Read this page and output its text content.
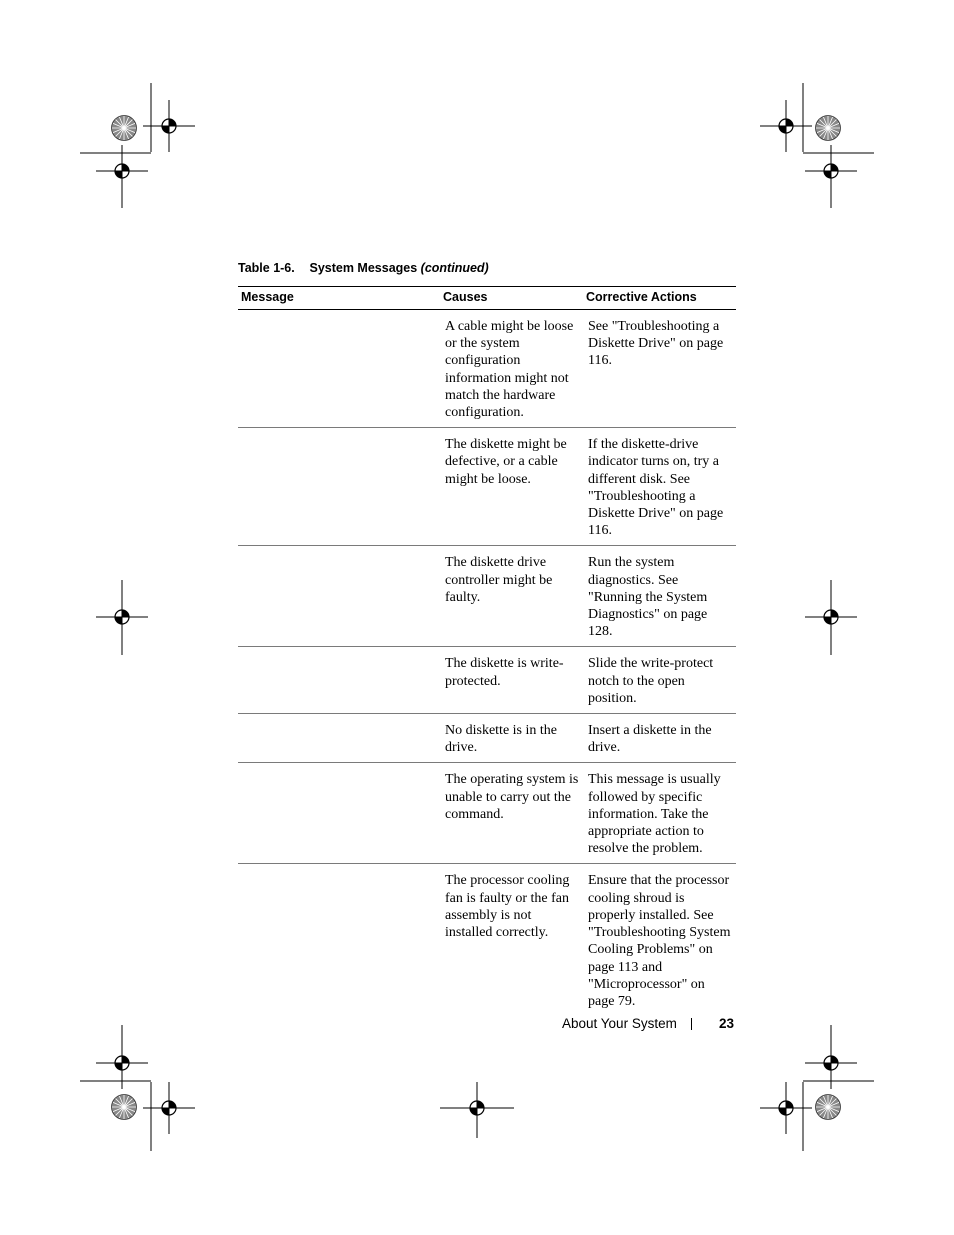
Table 1-6. System Messages (continued)
Message	Causes	Corrective Actions
	A cable might be loose or the system configuration information might not match the hardware configuration.	See "Troubleshooting a Diskette Drive" on page 116.
	The diskette might be defective, or a cable might be loose.	If the diskette-drive indicator turns on, try a different disk. See "Troubleshooting a Diskette Drive" on page 116.
	The diskette drive controller might be faulty.	Run the system diagnostics. See "Running the System Diagnostics" on page 128.
	The diskette is write-protected.	Slide the write-protect notch to the open position.
	No diskette is in the drive.	Insert a diskette in the drive.
	The operating system is unable to carry out the command.	This message is usually followed by specific information. Take the appropriate action to resolve the problem.
	The processor cooling fan is faulty or the fan assembly is not installed correctly.	Ensure that the processor cooling shroud is properly installed. See "Troubleshooting System Cooling Problems" on page 113 and "Microprocessor" on page 79.
About Your System	23
